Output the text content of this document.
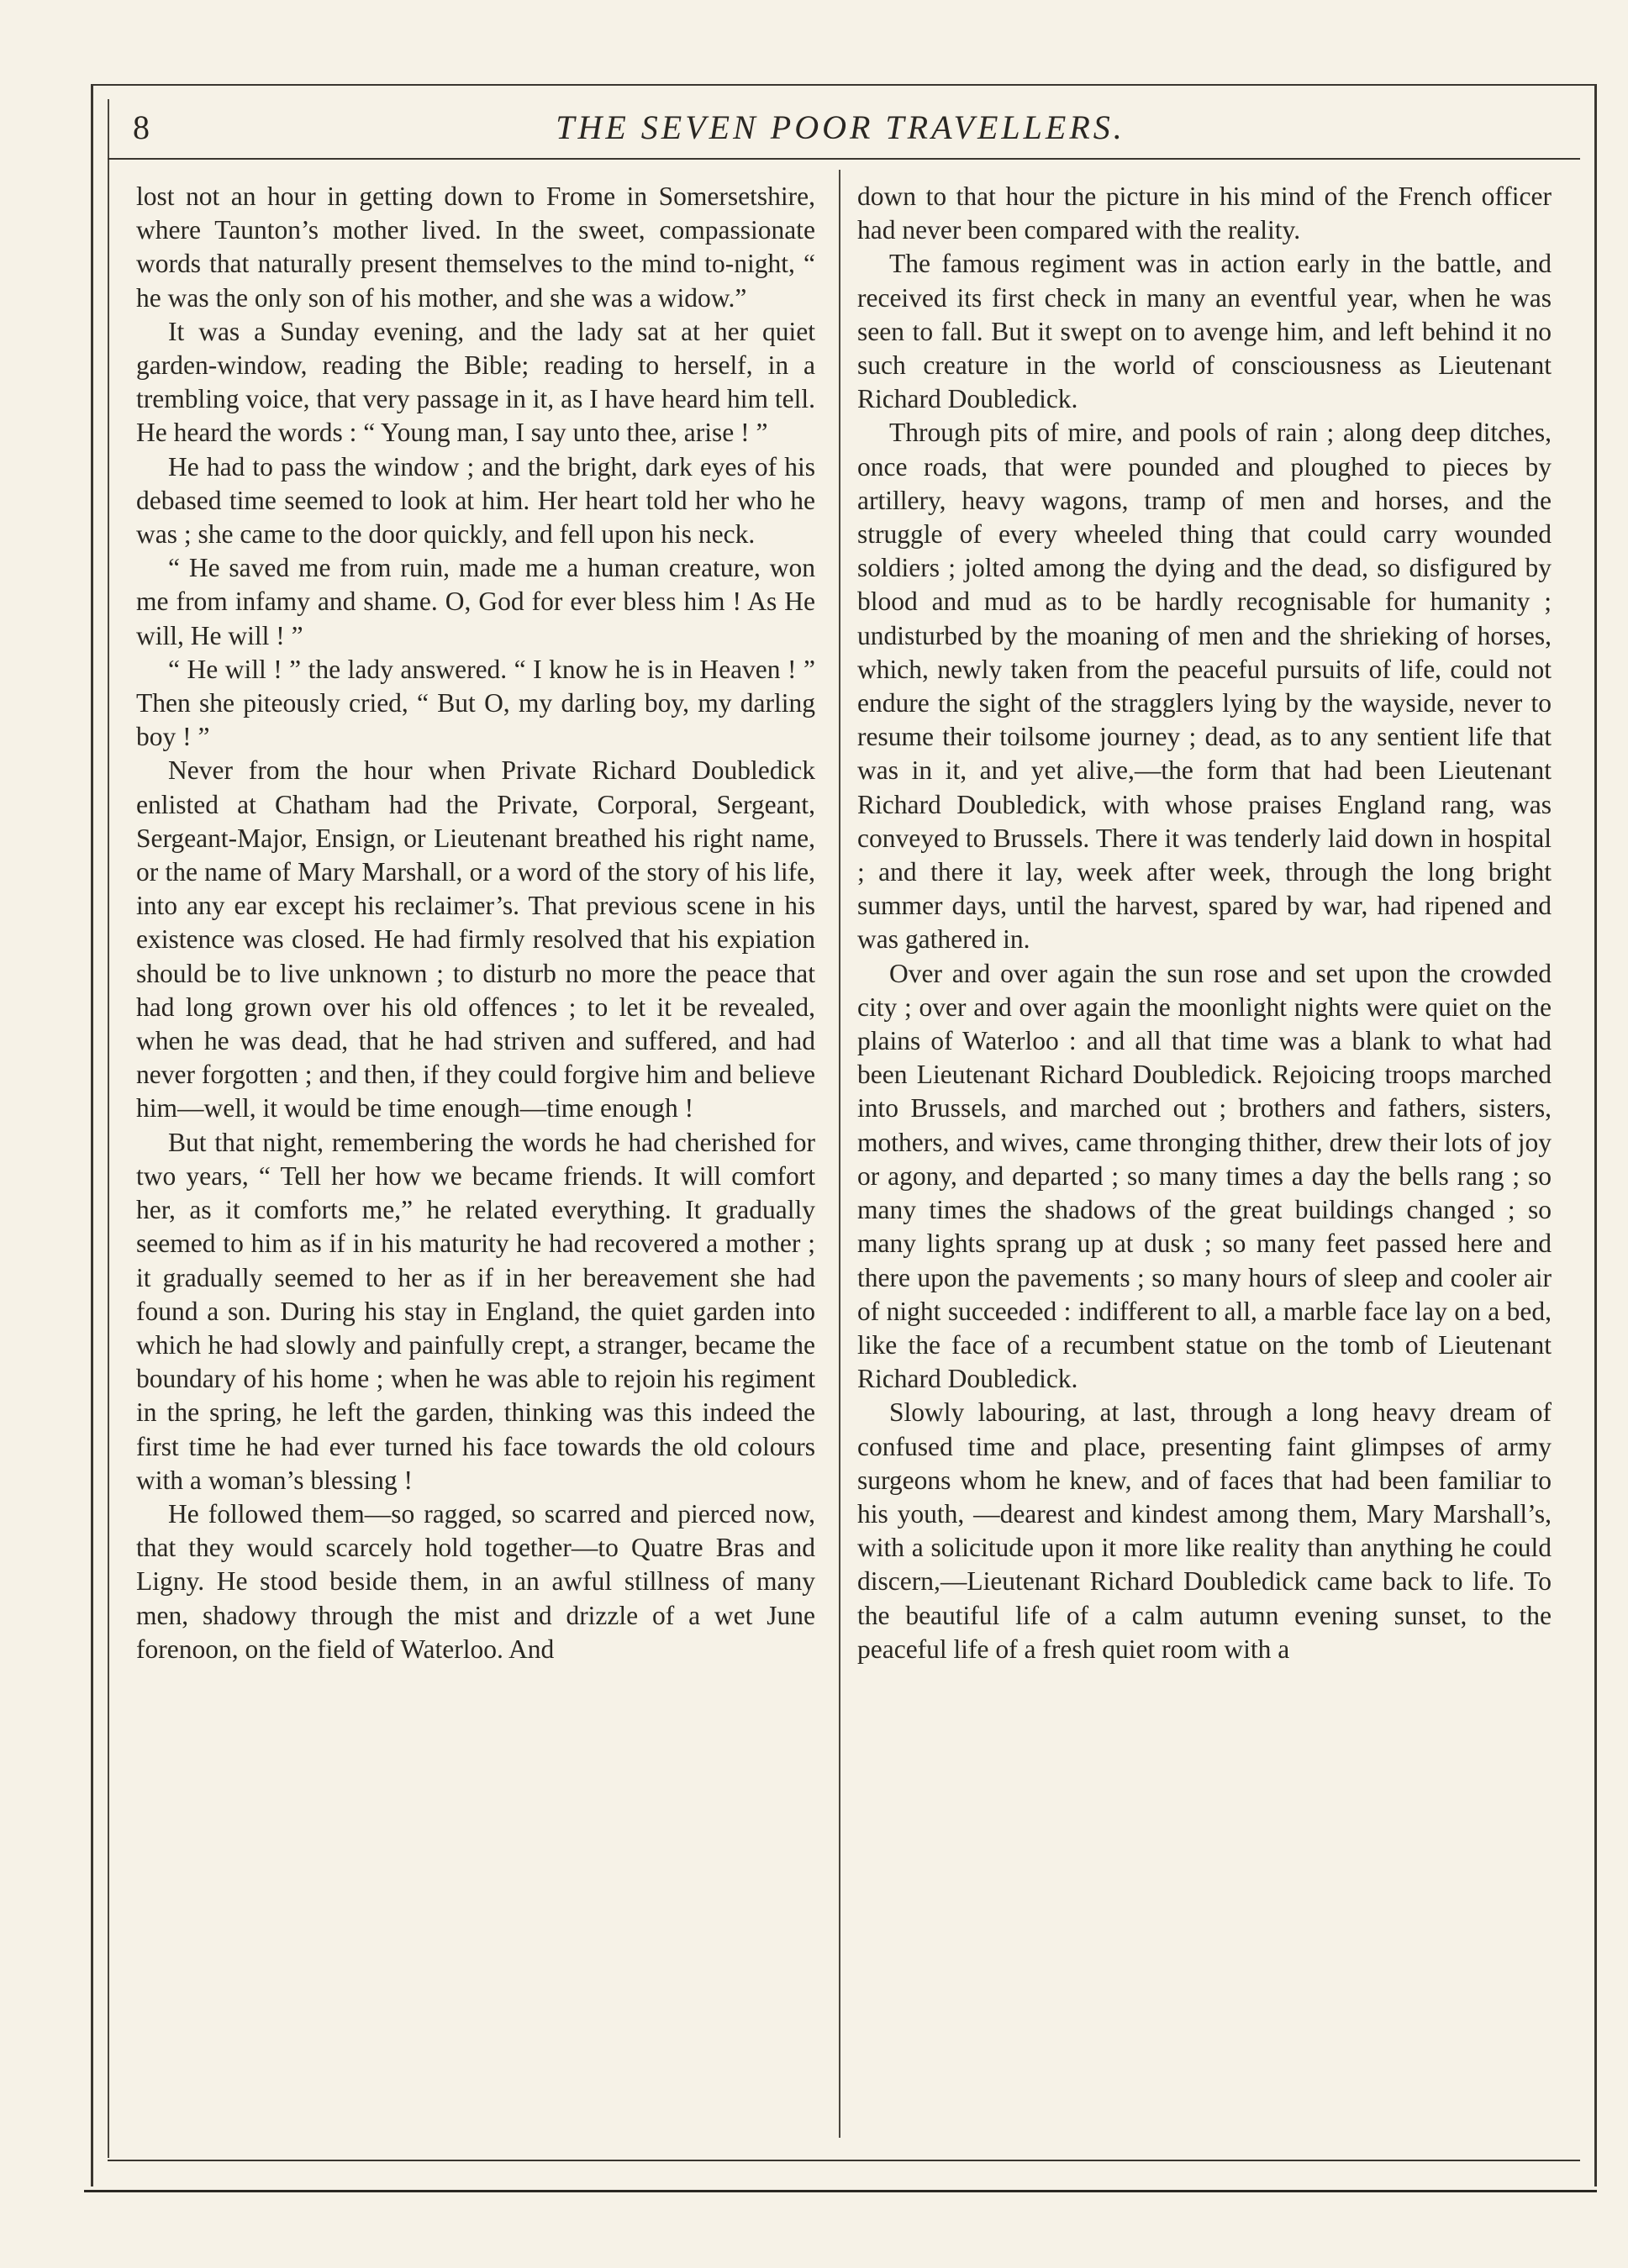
8	THE SEVEN POOR TRAVELLERS.

lost not an hour in getting down to Frome in Somersetshire, where Taunton’s mother lived. In the sweet, compassionate words that naturally present themselves to the mind to-night, “ he was the only son of his mother, and she was a widow.”

It was a Sunday evening, and the lady sat at her quiet garden-window, reading the Bible; reading to herself, in a trembling voice, that very passage in it, as I have heard him tell. He heard the words : “ Young man, I say unto thee, arise ! ”

He had to pass the window ; and the bright, dark eyes of his debased time seemed to look at him. Her heart told her who he was ; she came to the door quickly, and fell upon his neck.

“ He saved me from ruin, made me a human creature, won me from infamy and shame. O, God for ever bless him ! As He will, He will ! ”

“ He will ! ” the lady answered. “ I know he is in Heaven ! ” Then she piteously cried, “ But O, my darling boy, my darling boy ! ”

Never from the hour when Private Richard Doubledick enlisted at Chatham had the Private, Corporal, Sergeant, Sergeant-Major, Ensign, or Lieutenant breathed his right name, or the name of Mary Marshall, or a word of the story of his life, into any ear except his reclaimer’s. That previous scene in his existence was closed. He had firmly resolved that his expiation should be to live unknown ; to disturb no more the peace that had long grown over his old offences ; to let it be revealed, when he was dead, that he had striven and suffered, and had never forgotten ; and then, if they could forgive him and believe him—well, it would be time enough—time enough !

But that night, remembering the words he had cherished for two years, “ Tell her how we became friends. It will comfort her, as it comforts me,” he related everything. It gradually seemed to him as if in his maturity he had recovered a mother ; it gradually seemed to her as if in her bereavement she had found a son. During his stay in England, the quiet garden into which he had slowly and painfully crept, a stranger, became the boundary of his home ; when he was able to rejoin his regiment in the spring, he left the garden, thinking was this indeed the first time he had ever turned his face towards the old colours with a woman’s blessing !

He followed them—so ragged, so scarred and pierced now, that they would scarcely hold together—to Quatre Bras and Ligny. He stood beside them, in an awful stillness of many men, shadowy through the mist and drizzle of a wet June forenoon, on the field of Waterloo. And

down to that hour the picture in his mind of the French officer had never been compared with the reality.

The famous regiment was in action early in the battle, and received its first check in many an eventful year, when he was seen to fall. But it swept on to avenge him, and left behind it no such creature in the world of consciousness as Lieutenant Richard Doubledick.

Through pits of mire, and pools of rain ; along deep ditches, once roads, that were pounded and ploughed to pieces by artillery, heavy wagons, tramp of men and horses, and the struggle of every wheeled thing that could carry wounded soldiers ; jolted among the dying and the dead, so disfigured by blood and mud as to be hardly recognisable for humanity ; undisturbed by the moaning of men and the shrieking of horses, which, newly taken from the peaceful pursuits of life, could not endure the sight of the stragglers lying by the wayside, never to resume their toilsome journey ; dead, as to any sentient life that was in it, and yet alive,—the form that had been Lieutenant Richard Doubledick, with whose praises England rang, was conveyed to Brussels. There it was tenderly laid down in hospital ; and there it lay, week after week, through the long bright summer days, until the harvest, spared by war, had ripened and was gathered in.

Over and over again the sun rose and set upon the crowded city ; over and over again the moonlight nights were quiet on the plains of Waterloo : and all that time was a blank to what had been Lieutenant Richard Doubledick. Rejoicing troops marched into Brussels, and marched out ; brothers and fathers, sisters, mothers, and wives, came thronging thither, drew their lots of joy or agony, and departed ; so many times a day the bells rang ; so many times the shadows of the great buildings changed ; so many lights sprang up at dusk ; so many feet passed here and there upon the pavements ; so many hours of sleep and cooler air of night succeeded : indifferent to all, a marble face lay on a bed, like the face of a recumbent statue on the tomb of Lieutenant Richard Doubledick.

Slowly labouring, at last, through a long heavy dream of confused time and place, presenting faint glimpses of army surgeons whom he knew, and of faces that had been familiar to his youth, —dearest and kindest among them, Mary Marshall’s, with a solicitude upon it more like reality than anything he could discern,—Lieutenant Richard Doubledick came back to life. To the beautiful life of a calm autumn evening sunset, to the peaceful life of a fresh quiet room with a
